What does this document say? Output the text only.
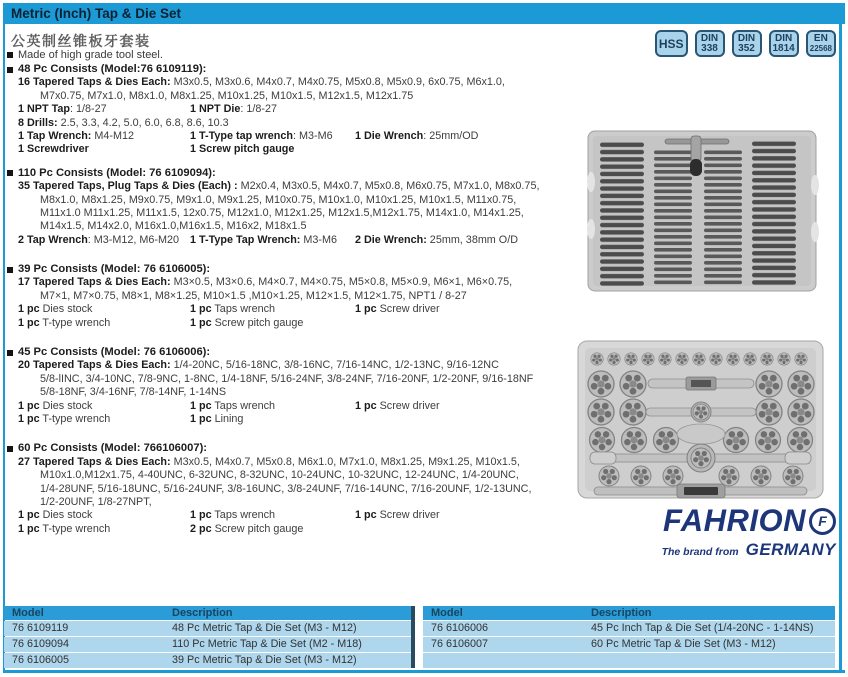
Metric (Inch) Tap & Die Set
公英制丝锥板牙套装	HSS DIN
338
DIN
352
DIN
1814
EN
22568
Made of high grade tool steel.
48 Pc Consists (Model:76 6109119):
16 Tapered Taps & Dies Each: M3x0.5, M3x0.6, M4x0.7, M4x0.75, M5x0.8, M5x0.9, 6x0.75, M6x1.0,
M7x0.75, M7x1.0, M8x1.0, M8x1.25, M10x1.25, M10x1.5, M12x1.5, M12x1.75
1 NPT Tap: 1/8-27	1 NPT Die: 1/8-27
8 Drills: 2.5, 3.3, 4.2, 5.0, 6.0, 6.8, 8.6, 10.3
1 Tap Wrench: M4-M12	1 T-Type tap wrench: M3-M6	1 Die Wrench: 25mm/OD
1 Screwdriver	1 Screw pitch gauge
110 Pc Consists (Model: 76 6109094):
35 Tapered Taps, Plug Taps & Dies (Each) : M2x0.4, M3x0.5, M4x0.7, M5x0.8, M6x0.75, M7x1.0, M8x0.75,
M8x1.0, M8x1.25, M9x0.75, M9x1.0, M9x1.25, M10x0.75, M10x1.0, M10x1.25, M10x1.5, M11x0.75,
M11x1.0 M11x1.25, M11x1.5, 12x0.75, M12x1.0, M12x1.25, M12x1.5,M12x1.75, M14x1.0, M14x1.25,
M14x1.5, M14x2.0, M16x1.0,M16x1.5, M16x2, M18x1.5
2 Tap Wrench: M3-M12, M6-M20	1 T-Type Tap Wrench: M3-M6	2 Die Wrench: 25mm, 38mm O/D
39 Pc Consists (Model: 76 6106005):
17 Tapered Taps & Dies Each: M3×0.5, M3×0.6, M4×0.7, M4×0.75, M5×0.8, M5×0.9, M6×1, M6×0.75,
M7×1, M7×0.75, M8×1, M8×1.25, M10×1.5 ,M10×1.25, M12×1.5, M12×1.75, NPT1 / 8-27
1 pc Dies stock	1 pc Taps wrench	1 pc Screw driver
1 pc T-type wrench	1 pc Screw pitch gauge
45 Pc Consists (Model: 76 6106006):
20 Tapered Taps & Dies Each: 1/4-20NC, 5/16-18NC, 3/8-16NC, 7/16-14NC, 1/2-13NC, 9/16-12NC
5/8-lINC, 3/4-10NC, 7/8-9NC, 1-8NC, 1/4-18NF, 5/16-24NF, 3/8-24NF, 7/16-20NF, 1/2-20NF, 9/16-18NF
5/8-18NF, 3/4-16NF, 7/8-14NF, 1-14NS
1 pc Dies stock	1 pc Taps wrench	1 pc Screw driver
1 pc T-type wrench	1 pc Lining
60 Pc Consists (Model: 766106007):
27 Tapered Taps & Dies Each: M3x0.5, M4x0.7, M5x0.8, M6x1.0, M7x1.0, M8x1.25, M9x1.25, M10x1.5,
M10x1.0,M12x1.75, 4-40UNC, 6-32UNC, 8-32UNC, 10-24UNC, 10-32UNC, 12-24UNC, 1/4-20UNC,
1/4-28UNF, 5/16-18UNC, 5/16-24UNF, 3/8-16UNC, 3/8-24UNF, 7/16-14UNC, 7/16-20UNF, 1/2-13UNC,
1/2-20UNF, 1/8-27NPT,
1 pc Dies stock	1 pc Taps wrench	1 pc Screw driver
1 pc T-type wrench	2 pc Screw pitch gauge	FAHRION F
The brand from GERMANY
Model	Description
76 6109119	48 Pc Metric Tap & Die Set (M3 - M12)
76 6109094	110 Pc Metric Tap & Die Set (M2 - M18)
76 6106005	39 Pc Metric Tap & Die Set (M3 - M12)
Model	Description
76 6106006	45 Pc Inch Tap & Die Set (1/4-20NC - 1-14NS)
76 6106007	60 Pc Metric Tap & Die Set (M3 - M12)
